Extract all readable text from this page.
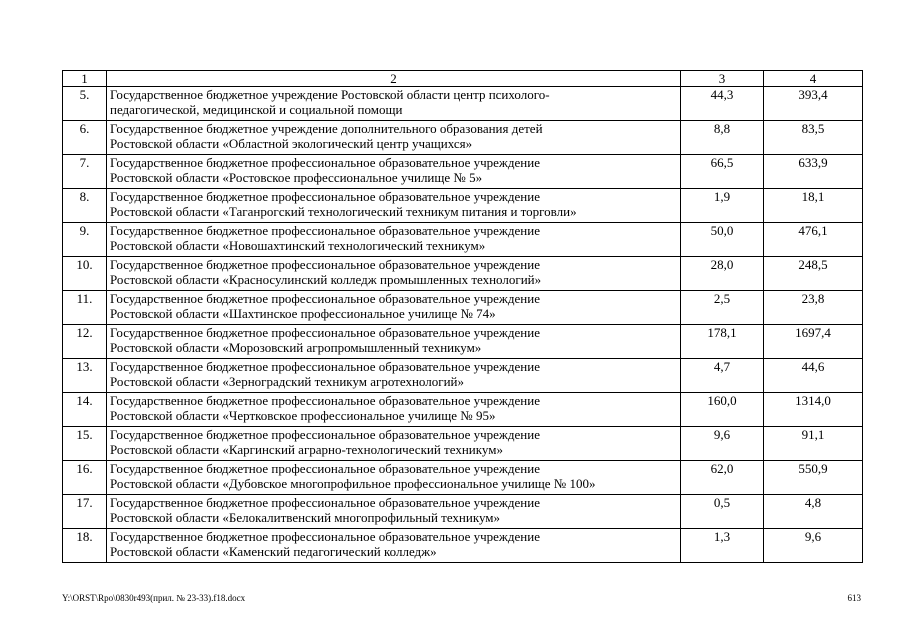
1	2	3	4
5.	Государственное бюджетное учреждение Ростовской области центр психолого-
педагогической, медицинской и социальной помощи	44,3	393,4
6.	Государственное бюджетное учреждение дополнительного образования детей
Ростовской области «Областной экологический центр учащихся»	8,8	83,5
7.	Государственное бюджетное профессиональное образовательное учреждение
Ростовской области «Ростовское профессиональное училище № 5»	66,5	633,9
8.	Государственное бюджетное профессиональное образовательное учреждение
Ростовской области «Таганрогский технологический техникум питания и торговли»	1,9	18,1
9.	Государственное бюджетное профессиональное образовательное учреждение
Ростовской области «Новошахтинский технологический техникум»	50,0	476,1
10.	Государственное бюджетное профессиональное образовательное учреждение
Ростовской области «Красносулинский колледж промышленных технологий»	28,0	248,5
11.	Государственное бюджетное профессиональное образовательное учреждение
Ростовской области «Шахтинское профессиональное училище № 74»	2,5	23,8
12.	Государственное бюджетное профессиональное образовательное учреждение
Ростовской области «Морозовский агропромышленный техникум»	178,1	1697,4
13.	Государственное бюджетное профессиональное образовательное учреждение
Ростовской области «Зерноградский техникум агротехнологий»	4,7	44,6
14.	Государственное бюджетное профессиональное образовательное учреждение
Ростовской области «Чертковское профессиональное училище № 95»	160,0	1314,0
15.	Государственное бюджетное профессиональное образовательное учреждение
Ростовской области «Каргинский аграрно-технологический техникум»	9,6	91,1
16.	Государственное бюджетное профессиональное образовательное учреждение
Ростовской области «Дубовское многопрофильное профессиональное училище № 100»	62,0	550,9
17.	Государственное бюджетное профессиональное образовательное учреждение
Ростовской области «Белокалитвенский многопрофильный техникум»	0,5	4,8
18.	Государственное бюджетное профессиональное образовательное учреждение
Ростовской области «Каменский педагогический колледж»	1,3	9,6
Y:\ORST\Rpo\0830r493(прил. № 23-33).f18.docx	613
